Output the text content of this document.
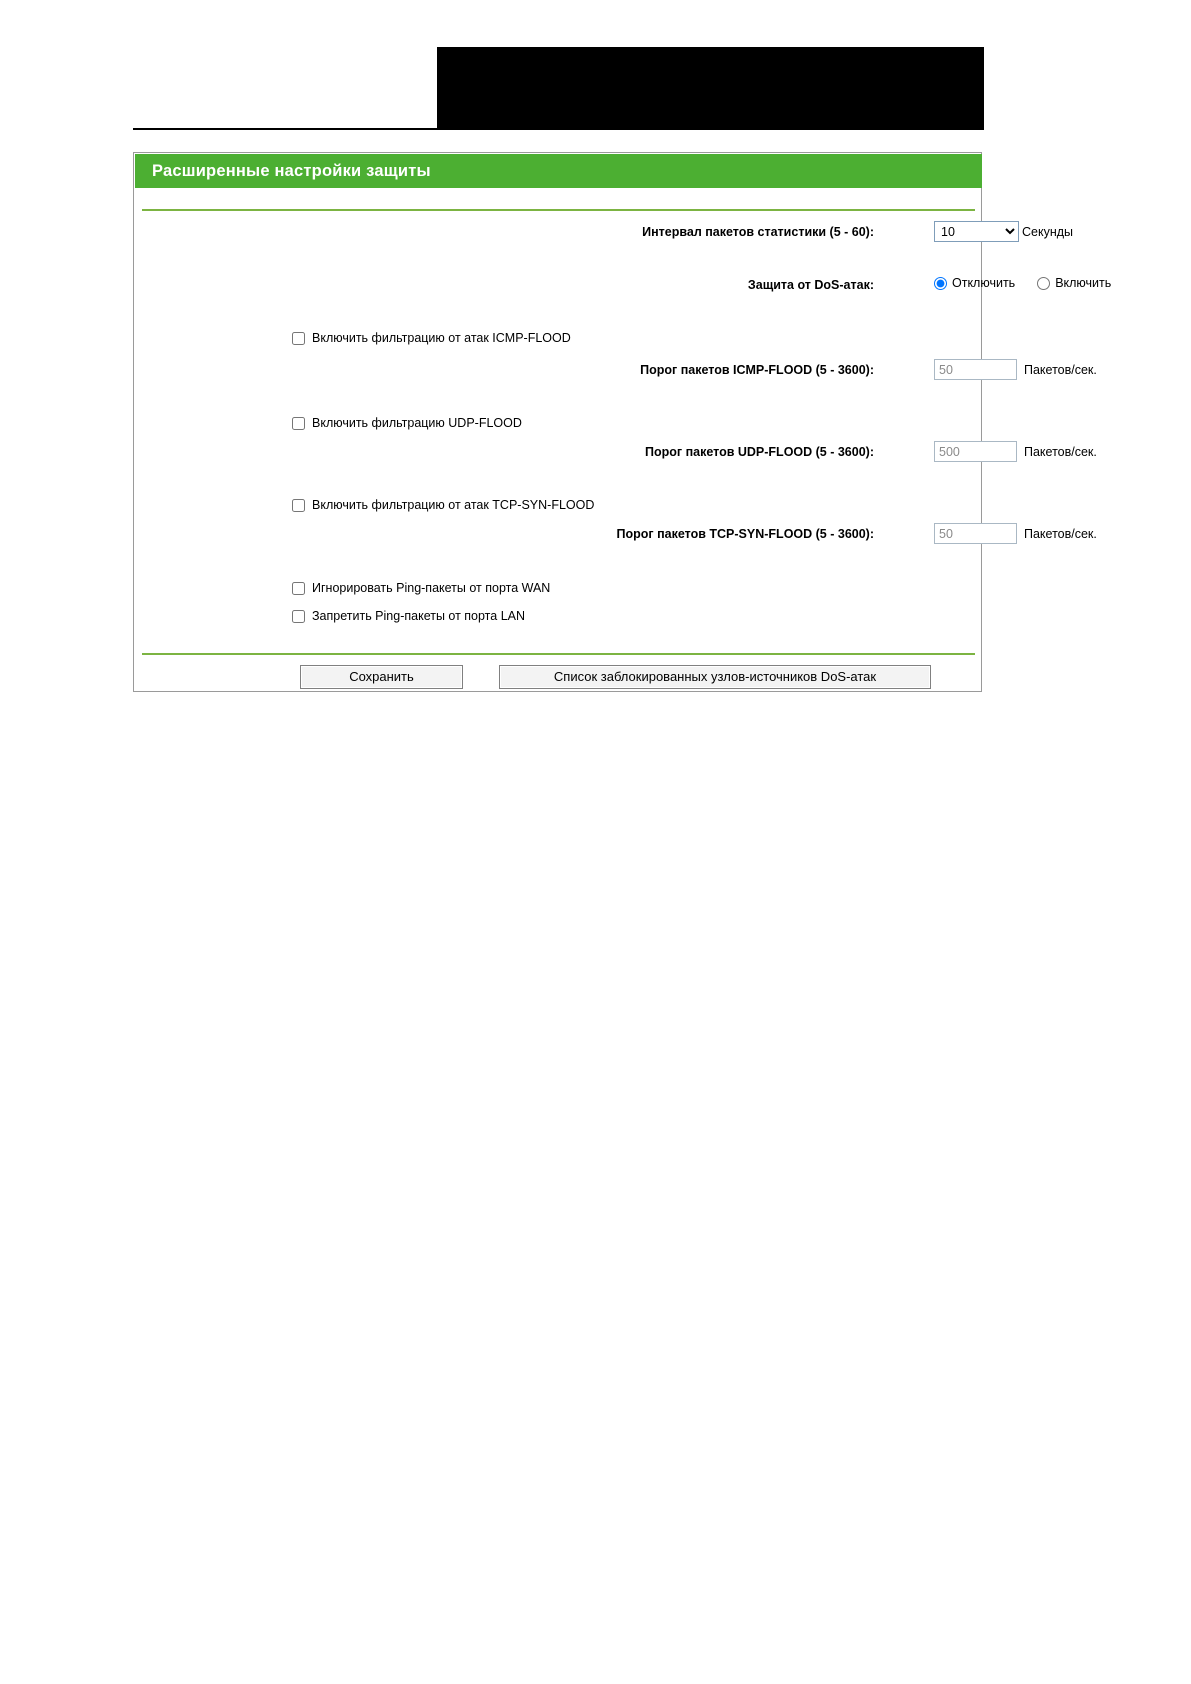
Расширенные настройки защиты
Интервал пакетов статистики (5 - 60):
10	Секунды
Защита от DoS-атак:	Отключить	Включить
Включить фильтрацию от атак ICMP-FLOOD
Порог пакетов ICMP-FLOOD (5 - 3600):
50	Пакетов/сек.
Включить фильтрацию UDP-FLOOD
Порог пакетов UDP-FLOOD (5 - 3600):
500	Пакетов/сек.
Включить фильтрацию от атак TCP-SYN-FLOOD
Порог пакетов TCP-SYN-FLOOD (5 - 3600):
50	Пакетов/сек.
Игнорировать Ping-пакеты от порта WAN
Запретить Ping-пакеты от порта LAN
Сохранить	Список заблокированных узлов-источников DoS-атак
